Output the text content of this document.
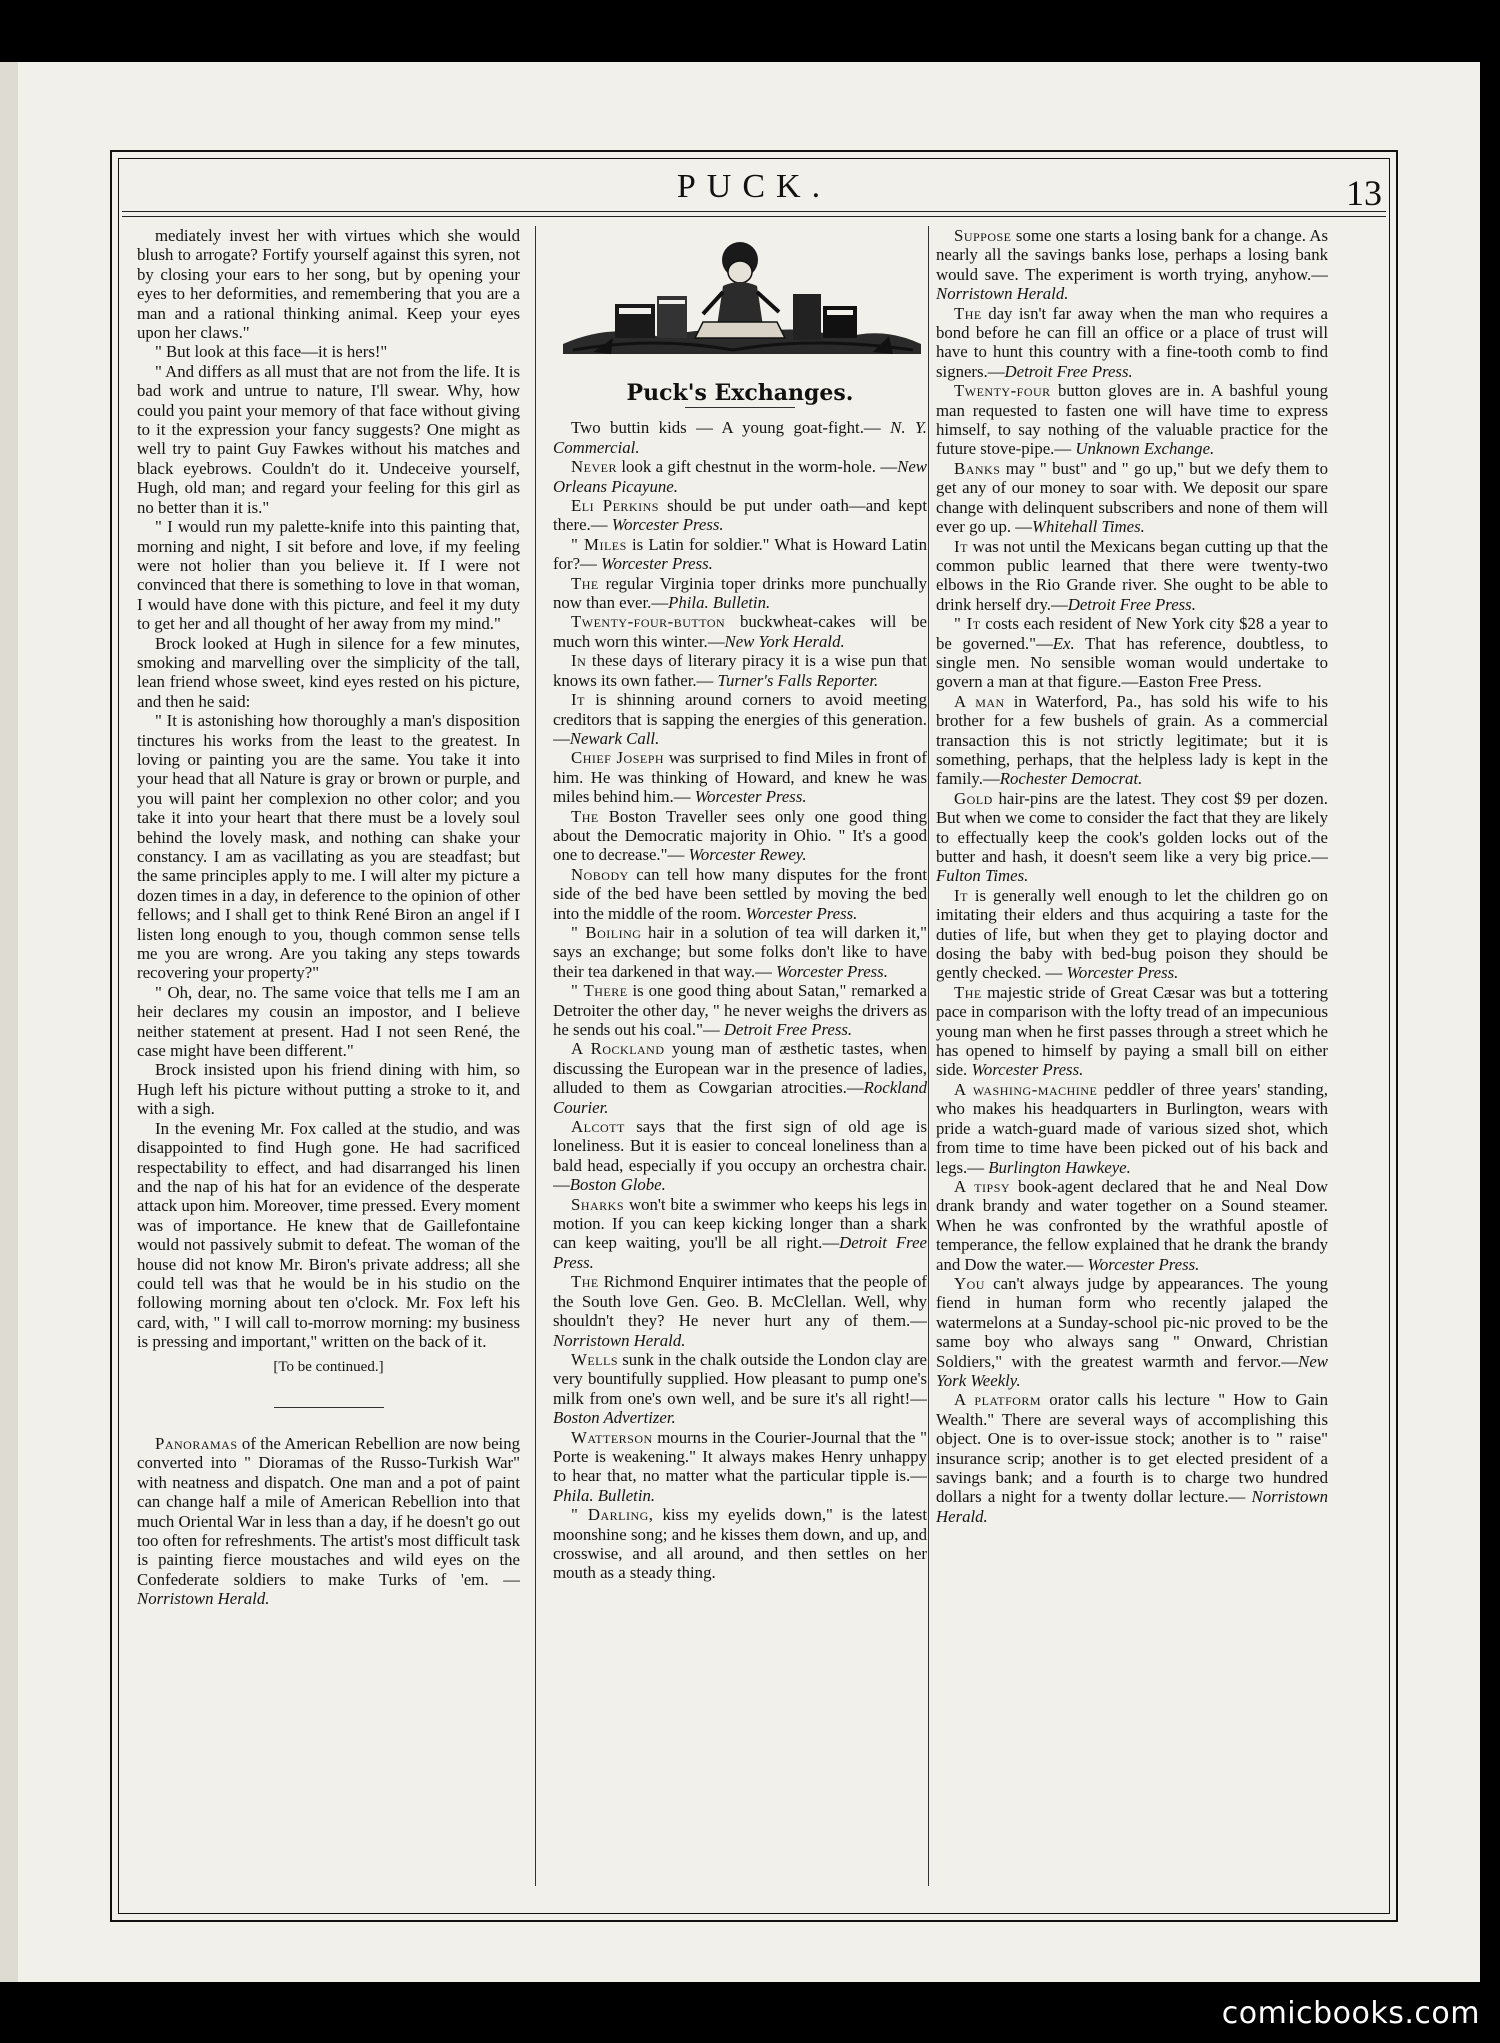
PUCK.	13

mediately invest her with virtues which she would blush to arrogate? Fortify yourself against this syren, not by closing your ears to her song, but by opening your eyes to her deformities, and remembering that you are a man and a rational thinking animal. Keep your eyes upon her claws."

" But look at this face—it is hers!"

" And differs as all must that are not from the life. It is bad work and untrue to nature, I'll swear. Why, how could you paint your memory of that face without giving to it the expression your fancy suggests? One might as well try to paint Guy Fawkes without his matches and black eyebrows. Couldn't do it. Undeceive yourself, Hugh, old man; and regard your feeling for this girl as no better than it is."

" I would run my palette-knife into this painting that, morning and night, I sit before and love, if my feeling were not holier than you believe it. If I were not convinced that there is something to love in that woman, I would have done with this picture, and feel it my duty to get her and all thought of her away from my mind."

Brock looked at Hugh in silence for a few minutes, smoking and marvelling over the simplicity of the tall, lean friend whose sweet, kind eyes rested on his picture, and then he said:

" It is astonishing how thoroughly a man's disposition tinctures his works from the least to the greatest. In loving or painting you are the same. You take it into your head that all Nature is gray or brown or purple, and you will paint her complexion no other color; and you take it into your heart that there must be a lovely soul behind the lovely mask, and nothing can shake your constancy. I am as vacillating as you are steadfast; but the same principles apply to me. I will alter my picture a dozen times in a day, in deference to the opinion of other fellows; and I shall get to think René Biron an angel if I listen long enough to you, though common sense tells me you are wrong. Are you taking any steps towards recovering your property?"

" Oh, dear, no. The same voice that tells me I am an heir declares my cousin an impostor, and I believe neither statement at present. Had I not seen René, the case might have been different."

Brock insisted upon his friend dining with him, so Hugh left his picture without putting a stroke to it, and with a sigh.

In the evening Mr. Fox called at the studio, and was disappointed to find Hugh gone. He had sacrificed respectability to effect, and had disarranged his linen and the nap of his hat for an evidence of the desperate attack upon him. Moreover, time pressed. Every moment was of importance. He knew that de Gaillefontaine would not passively submit to defeat. The woman of the house did not know Mr. Biron's private address; all she could tell was that he would be in his studio on the following morning about ten o'clock. Mr. Fox left his card, with, " I will call to-morrow morning: my business is pressing and important," written on the back of it.

[To be continued.]

Panoramas of the American Rebellion are now being converted into " Dioramas of the Russo-Turkish War" with neatness and dispatch. One man and a pot of paint can change half a mile of American Rebellion into that much Oriental War in less than a day, if he doesn't go out too often for refreshments. The artist's most difficult task is painting fierce moustaches and wild eyes on the Confederate soldiers to make Turks of 'em. —Norristown Herald.

Puck's Exchanges.

Two buttin kids — A young goat-fight.— N. Y. Commercial.

Never look a gift chestnut in the worm-hole. —New Orleans Picayune.

Eli Perkins should be put under oath—and kept there.— Worcester Press.

" Miles is Latin for soldier." What is Howard Latin for?— Worcester Press.

The regular Virginia toper drinks more punchually now than ever.—Phila. Bulletin.

Twenty-four-button buckwheat-cakes will be much worn this winter.—New York Herald.

In these days of literary piracy it is a wise pun that knows its own father.— Turner's Falls Reporter.

It is shinning around corners to avoid meeting creditors that is sapping the energies of this generation.—Newark Call.

Chief Joseph was surprised to find Miles in front of him. He was thinking of Howard, and knew he was miles behind him.— Worcester Press.

The Boston Traveller sees only one good thing about the Democratic majority in Ohio. " It's a good one to decrease."— Worcester Rewey.

Nobody can tell how many disputes for the front side of the bed have been settled by moving the bed into the middle of the room. Worcester Press.

" Boiling hair in a solution of tea will darken it," says an exchange; but some folks don't like to have their tea darkened in that way.— Worcester Press.

" There is one good thing about Satan," remarked a Detroiter the other day, " he never weighs the drivers as he sends out his coal."— Detroit Free Press.

A Rockland young man of æsthetic tastes, when discussing the European war in the presence of ladies, alluded to them as Cowgarian atrocities.—Rockland Courier.

Alcott says that the first sign of old age is loneliness. But it is easier to conceal loneliness than a bald head, especially if you occupy an orchestra chair.—Boston Globe.

Sharks won't bite a swimmer who keeps his legs in motion. If you can keep kicking longer than a shark can keep waiting, you'll be all right.—Detroit Free Press.

The Richmond Enquirer intimates that the people of the South love Gen. Geo. B. McClellan. Well, why shouldn't they? He never hurt any of them.—Norristown Herald.

Wells sunk in the chalk outside the London clay are very bountifully supplied. How pleasant to pump one's milk from one's own well, and be sure it's all right!—Boston Advertizer.

Watterson mourns in the Courier-Journal that the " Porte is weakening." It always makes Henry unhappy to hear that, no matter what the particular tipple is.—Phila. Bulletin.

" Darling, kiss my eyelids down," is the latest moonshine song; and he kisses them down, and up, and crosswise, and all around, and then settles on her mouth as a steady thing.

Suppose some one starts a losing bank for a change. As nearly all the savings banks lose, perhaps a losing bank would save. The experiment is worth trying, anyhow.—Norristown Herald.

The day isn't far away when the man who requires a bond before he can fill an office or a place of trust will have to hunt this country with a fine-tooth comb to find signers.—Detroit Free Press.

Twenty-four button gloves are in. A bashful young man requested to fasten one will have time to express himself, to say nothing of the valuable practice for the future stove-pipe.— Unknown Exchange.

Banks may " bust" and " go up," but we defy them to get any of our money to soar with. We deposit our spare change with delinquent subscribers and none of them will ever go up. —Whitehall Times.

It was not until the Mexicans began cutting up that the common public learned that there were twenty-two elbows in the Rio Grande river. She ought to be able to drink herself dry.—Detroit Free Press.

" It costs each resident of New York city $28 a year to be governed."—Ex. That has reference, doubtless, to single men. No sensible woman would undertake to govern a man at that figure.—Easton Free Press.

A man in Waterford, Pa., has sold his wife to his brother for a few bushels of grain. As a commercial transaction this is not strictly legitimate; but it is something, perhaps, that the helpless lady is kept in the family.—Rochester Democrat.

Gold hair-pins are the latest. They cost $9 per dozen. But when we come to consider the fact that they are likely to effectually keep the cook's golden locks out of the butter and hash, it doesn't seem like a very big price.— Fulton Times.

It is generally well enough to let the children go on imitating their elders and thus acquiring a taste for the duties of life, but when they get to playing doctor and dosing the baby with bed-bug poison they should be gently checked. — Worcester Press.

The majestic stride of Great Cæsar was but a tottering pace in comparison with the lofty tread of an impecunious young man when he first passes through a street which he has opened to himself by paying a small bill on either side. Worcester Press.

A washing-machine peddler of three years' standing, who makes his headquarters in Burlington, wears with pride a watch-guard made of various sized shot, which from time to time have been picked out of his back and legs.— Burlington Hawkeye.

A tipsy book-agent declared that he and Neal Dow drank brandy and water together on a Sound steamer. When he was confronted by the wrathful apostle of temperance, the fellow explained that he drank the brandy and Dow the water.— Worcester Press.

You can't always judge by appearances. The young fiend in human form who recently jalaped the watermelons at a Sunday-school pic-nic proved to be the same boy who always sang " Onward, Christian Soldiers," with the greatest warmth and fervor.—New York Weekly.

A platform orator calls his lecture " How to Gain Wealth." There are several ways of accomplishing this object. One is to over-issue stock; another is to " raise" insurance scrip; another is to get elected president of a savings bank; and a fourth is to charge two hundred dollars a night for a twenty dollar lecture.— Norristown Herald.

comicbooks.com
